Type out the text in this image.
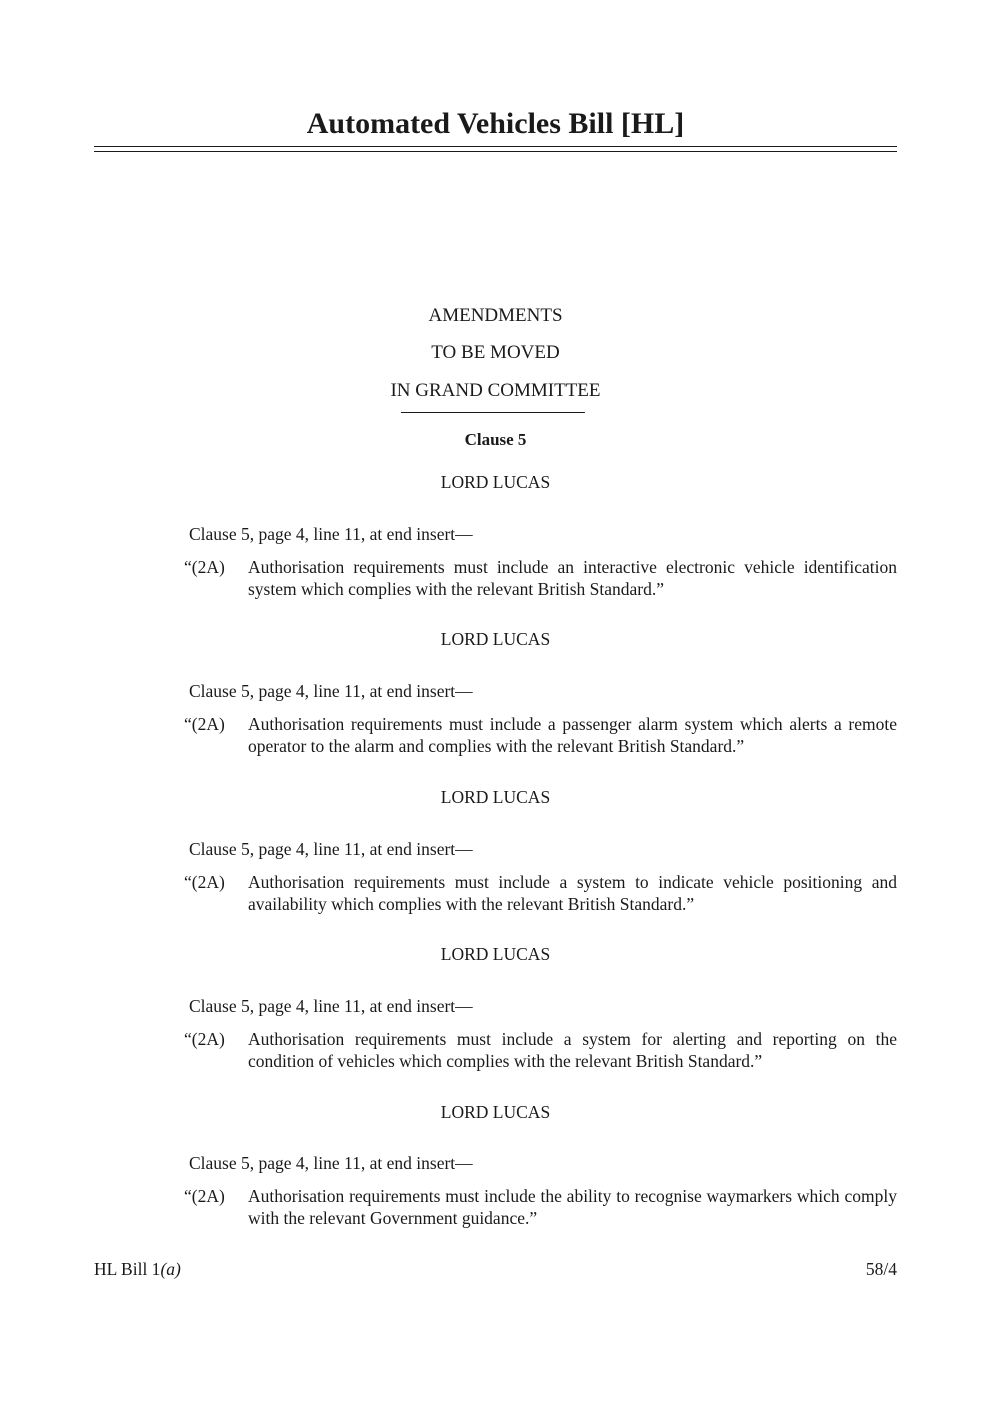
Automated Vehicles Bill [HL]
AMENDMENTS
TO BE MOVED
IN GRAND COMMITTEE
Clause 5
LORD LUCAS
Clause 5, page 4, line 11, at end insert—
“(2A)	Authorisation requirements must include an interactive electronic vehicle identification system which complies with the relevant British Standard.”
LORD LUCAS
Clause 5, page 4, line 11, at end insert—
“(2A)	Authorisation requirements must include a passenger alarm system which alerts a remote operator to the alarm and complies with the relevant British Standard.”
LORD LUCAS
Clause 5, page 4, line 11, at end insert—
“(2A)	Authorisation requirements must include a system to indicate vehicle positioning and availability which complies with the relevant British Standard.”
LORD LUCAS
Clause 5, page 4, line 11, at end insert—
“(2A)	Authorisation requirements must include a system for alerting and reporting on the condition of vehicles which complies with the relevant British Standard.”
LORD LUCAS
Clause 5, page 4, line 11, at end insert—
“(2A)	Authorisation requirements must include the ability to recognise waymarkers which comply with the relevant Government guidance.”
HL Bill 1(a)	58/4
